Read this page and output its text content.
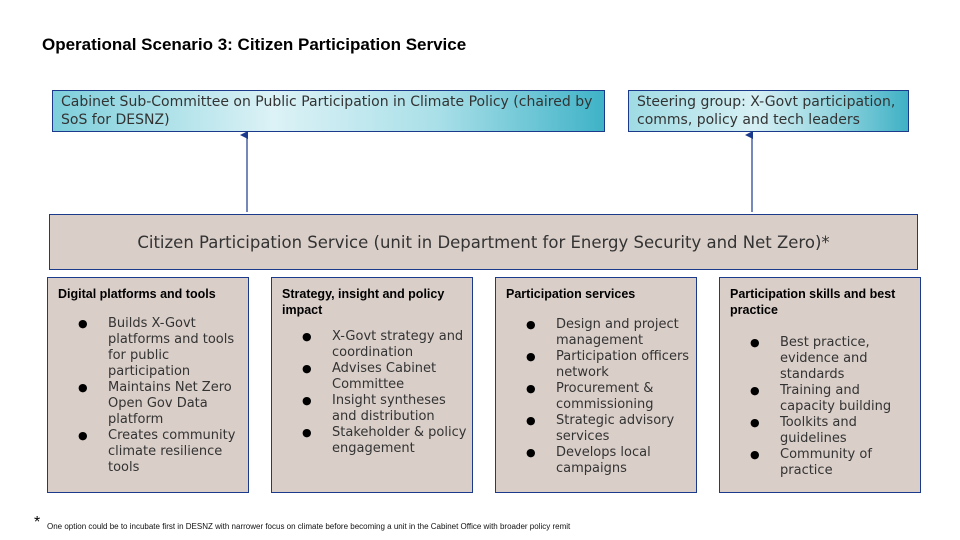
Operational Scenario 3: Citizen Participation Service
Cabinet Sub-Committee on Public Participation in Climate Policy (chaired by SoS for DESNZ)
Steering group: X-Govt participation, comms, policy and tech leaders
Citizen Participation Service (unit in Department for Energy Security and Net Zero)*
Digital platforms and tools
● Builds X-Govt platforms and tools for public participation
● Maintains Net Zero Open Gov Data platform
● Creates community climate resilience tools
Strategy, insight and policy impact
● X-Govt strategy and coordination
● Advises Cabinet Committee
● Insight syntheses and distribution
● Stakeholder & policy engagement
Participation services
● Design and project management
● Participation officers network
● Procurement & commissioning
● Strategic advisory services
● Develops local campaigns
Participation skills and best practice
● Best practice, evidence and standards
● Training and capacity building
● Toolkits and guidelines
● Community of practice
* One option could be to incubate first in DESNZ with narrower focus on climate before becoming a unit in the Cabinet Office with broader policy remit
